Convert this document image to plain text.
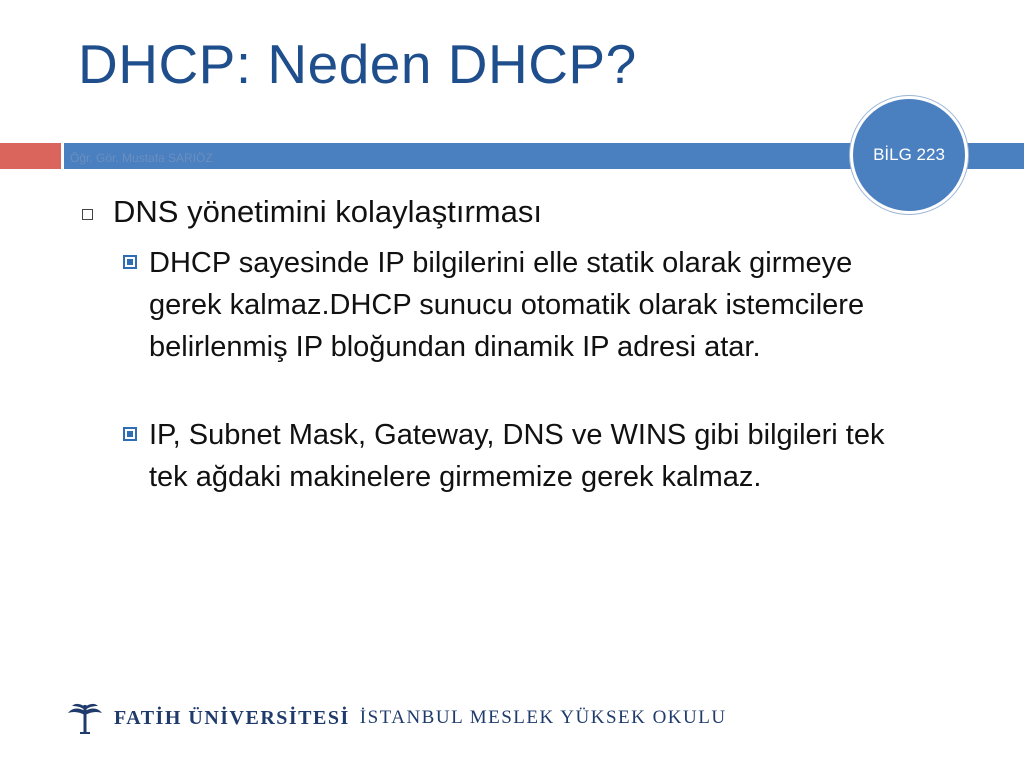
DHCP: Neden DHCP?
Öğr. Gör. Mustafa SARIÖZ	BİLG 223
DNS yönetimini kolaylaştırması
DHCP sayesinde IP bilgilerini elle statik olarak girmeye gerek kalmaz.DHCP sunucu otomatik olarak istemcilere belirlenmiş IP bloğundan dinamik IP adresi atar.
IP, Subnet Mask, Gateway, DNS ve WINS gibi bilgileri tek tek ağdaki makinelere girmemize gerek kalmaz.
FATİH ÜNİVERSİTESİ İSTANBUL MESLEK YÜKSEK OKULU
